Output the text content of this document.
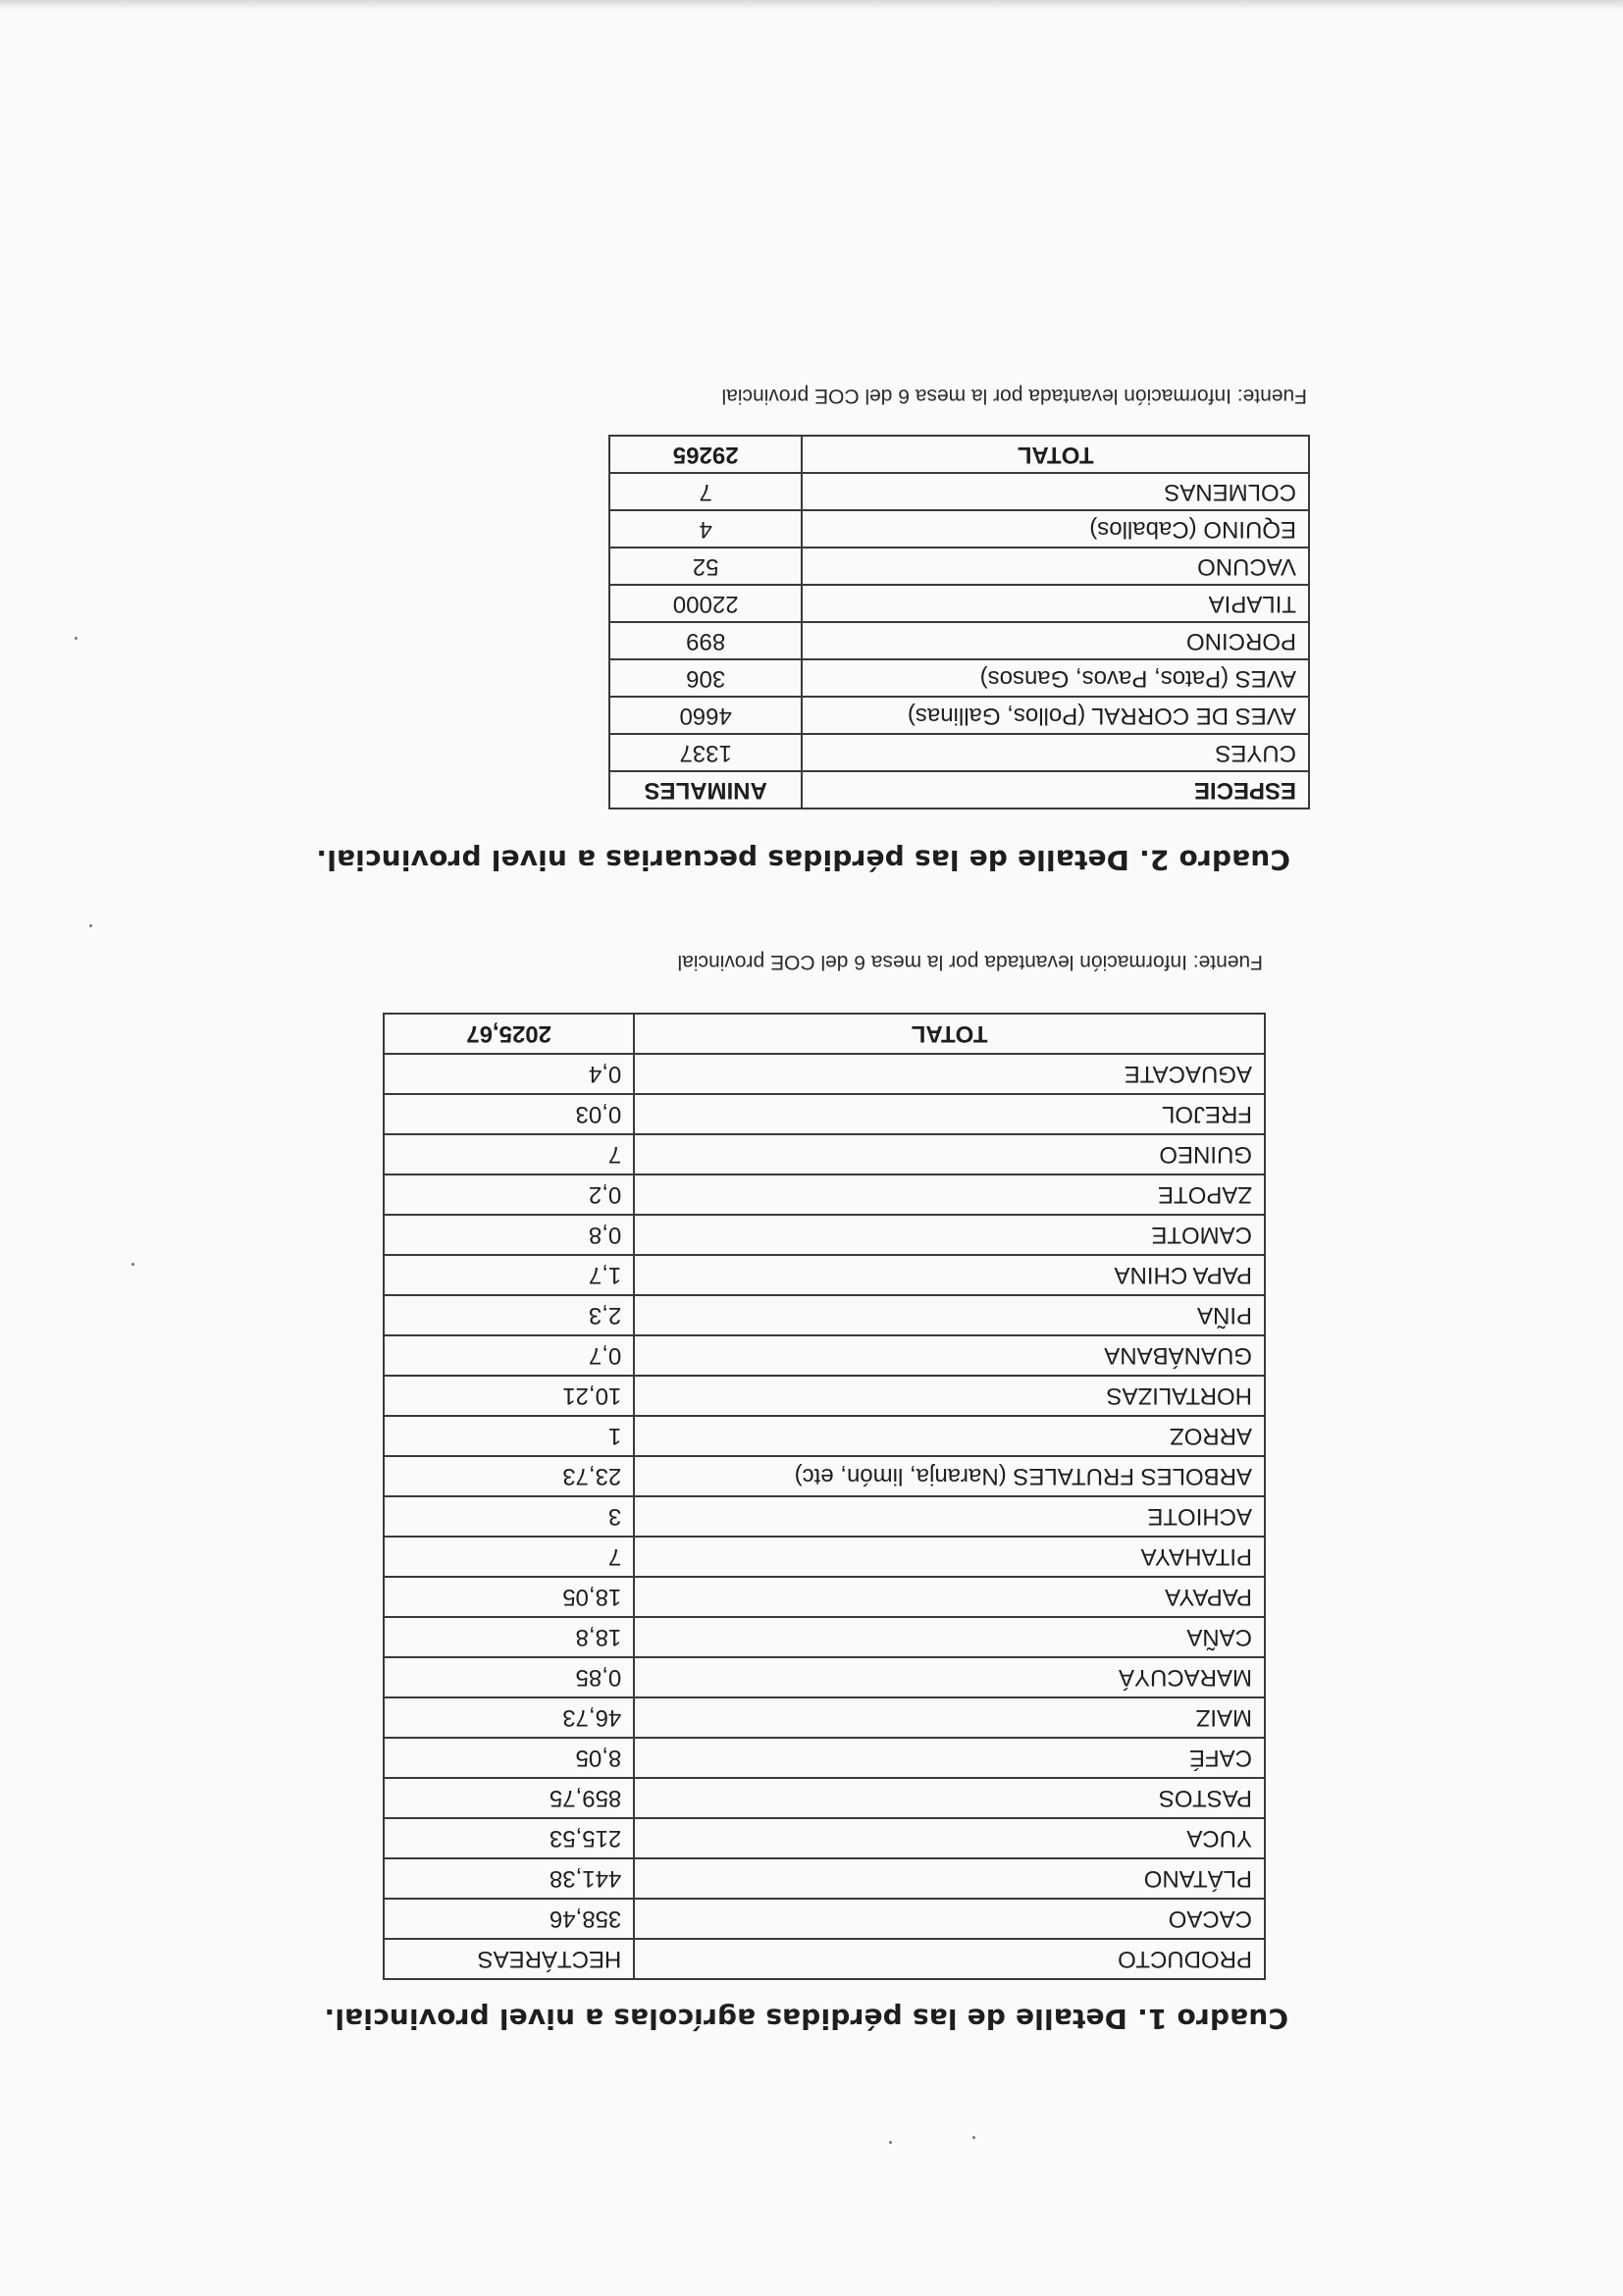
Cuadro 1. Detalle de las pérdidas agrícolas a nivel provincial.
PRODUCTO	HECTÁREAS
CACAO	358,46
PLÁTANO	441,38
YUCA	215,53
PASTOS	859,75
CAFÉ	8,05
MAIZ	46,73
MARACUYÁ	0,85
CAÑA	18,8
PAPAYA	18,05
PITAHAYA	7
ACHIOTE	3
ARBOLES FRUTALES (Naranja, limón, etc)	23,73
ARROZ	1
HORTALIZAS	10,21
GUANÁBANA	0,7
PIÑA	2,3
PAPA CHINA	1,7
CAMOTE	0,8
ZAPOTE	0,2
GUINEO	7
FREJOL	0,03
AGUACATE	0,4
TOTAL	2025,67
Fuente: Información levantada por la mesa 6 del COE provincial
Cuadro 2. Detalle de las pérdidas pecuarias a nivel provincial.
ESPECIE	ANIMALES
CUYES	1337
AVES DE CORRAL (Pollos, Gallinas)	4660
AVES (Patos, Pavos, Gansos)	306
PORCINO	899
TILAPIA	22000
VACUNO	52
EQUINO (Caballos)	4
COLMENAS	7
TOTAL	29265
Fuente: Información levantada por la mesa 6 del COE provincial
